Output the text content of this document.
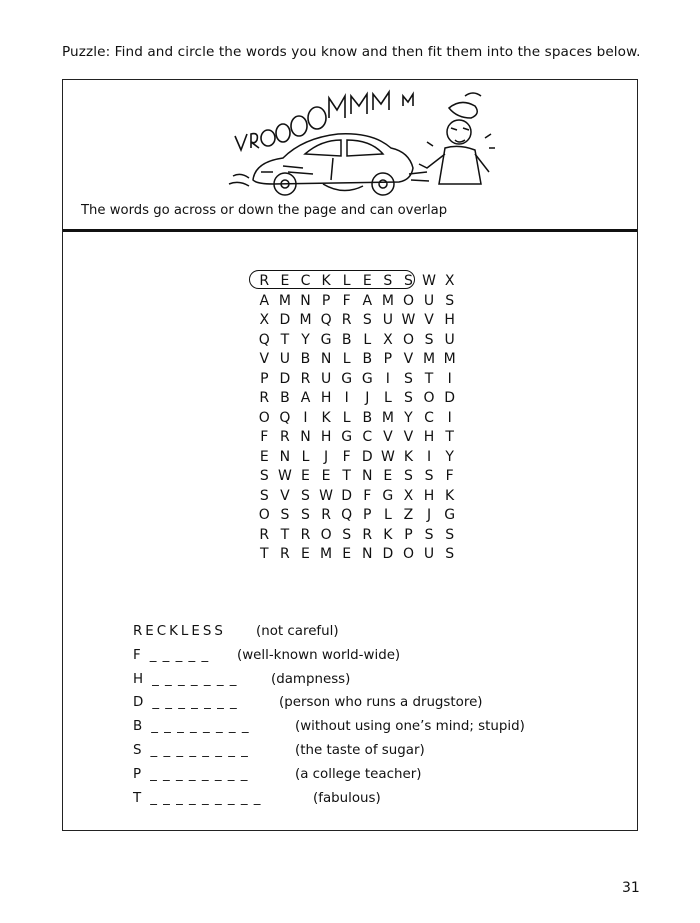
Puzzle: Find and circle the words you know and then fit them into the spaces below.
The words go across or down the page and can overlap
R E C K L E S S W X
A M N P F A M O U S
X D M Q R S U W V H
Q T Y G B L X O S U
V U B N L B P V M M
P D R U G G I	S T	I
R B A H I	J	L S O D
O Q I K L B M Y C I
F R N H G C V V H T
E N L	J	F D W K I	Y
S W E E T N E S S F
S V S W D F G X H K
O S S R Q P L Z J G
R T R O S R K P S S
T R E M E N D O U S
RECKLESS (not careful)
F _ _ _ _ _ (well-known world-wide)
H _ _ _ _ _ _ _	(dampness)
D _ _ _ _ _ _ _	(person who runs a drugstore)
B _ _ _ _ _ _ _ _	(without using one’s mind; stupid)
S _ _ _ _ _ _ _ _	(the taste of sugar)
P _ _ _ _ _ _ _ _	(a college teacher)
T _ _ _ _ _ _ _ _ _	(fabulous)
31
